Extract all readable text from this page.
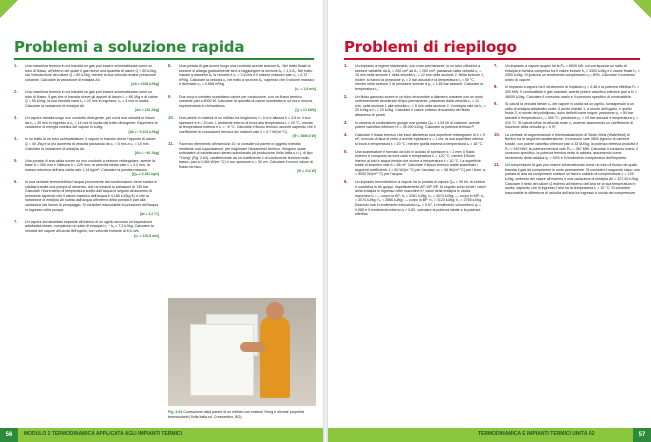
Problemi a soluzione rapida
1. Una macchina termica in cui transita un gas può essere schematizzata come un tubo di flusso, all’interno del quale il gas riceve una quantità di calore Q = 60 kJ/kg, sia l’introduzione del calore Q = 60 kJ/kg, mentre la sua velocità rimane pressoché costante. Calcolare la variazione di entalpia Δh.

[Δh = 1035 kJ/kg]
2. Una macchina termica in cui transita un gas può essere schematizzata come un tubo di flusso. Il gas che vi transita riceve gli apporti di lavoro L = 88 J/kg e di calore Q = 50 kJ/kg; la sua velocità varia c₁ = 22 m/s in ingresso, c₂ = 4 m/s in uscita. Calcolare la variazione di entalpia Δh.

[Δh = 132 J/kg]
3. Un vapore transita lungo uno condotto divergente, per cui la sua velocità si riduce da c₁ = 20 m/s in ingresso a c₂ = 14 m/s in uscita dal tratto divergente. Esprimere la variazione di energia cinetica del vapore in kJ/kg.

[Δk = −0,102 kJ/kg]
4. In un tratto di un tubo surriscaldatore, il vapore in transito riceve l’apporto di calore Q = 40 J/kg e la più aumenta di velocità passando da c₁ = 5 m/s a c₂ = 15 m/s. Calcolare la variazione di entalpia Δh.

[Δh = −40 J/kg]
5. Una portata di aria calda scorre un uno condotto a sezione rettangolare, avente la base b = 350 mm e l’altezza h = 220 mm; la velocità media vale c = 3,2 m/s, la massa volumica dell’aria calda vale 1,14 kg/m³. Calcolare la portata massica.

[Qₘ = 0,281 kg/s]
6. In una centrale termoelettrica l’acqua proveniente dal condensatore viene inviata in caldaia tramite una pompa di alimento, che ne innalza la pressione di 135 bar. Calcolare l’incremento di temperatura subito dall’acqua in seguito all’aumento di pressione sapendo che il calore massico dell’acqua è 4,186 kJ/(kg·K) e che la variazione di entalpia Δh subita dall’acqua all’interno della pompa è pari alla variazione del lavoro di pompaggio. Si consideri trascurabile la pressione dell’acqua in ingresso nella pompa.

[Δt = 3,2 °C]
7. Un vapore surriscaldato espande all’interno di un ugello secondo un’espansione adiabatica ideale, compiendo un salto di entalpia h₁ − h₂ = 7,3 kJ/kg. Calcolare la velocità del vapore all’uscita dell’ugello, con velocità entrante di 8,5 m/s.

[c₂ = 120,8 m/s]
8. Una portata di gas scorre lungo una condotta avente sezione A₁. Nel tratto finale la sezione si allarga gradualmente sino a raggiungere la sezione A₂ = 1,3 A₁. Nel tratto iniziale a diametro A₁ la velocità è c₁ = 2,6 m/s e il volume massico vale v₁ = 0,72 m³/kg. Calcolare la velocità c₂ nel tratto a sezione A₂, sapendo che il volume massico è diventato v₂ = 0,668 m³/kg.

[c₂ = 1,8 m/s]
9. Due corpi a contatto scambiano calore per conduzione, con un flusso termico costante pari a 8000 W. Calcolare la quantità di calore scambiata in un’ora e mezza, esprimendola in chilowattora.

[Q = 12 kWh]
10. Una parete in mattoni di un edificio ha lunghezza l = 9 m e altezza h = 3,5 m; il suo spessore è s = 20 cm. L’ambiente interno si trova alla temperatura tᵢ = 20 °C, mentre la temperatura esterna è tₑ = −6 °C. Calcolare il flusso termico uscente sapendo che il coefficiente di conduzione termica dei mattoni vale λ = 0,7 W/(m·°C).

[Φ = 2866,5 W]
11. Facendo riferimento all’esercizio 10, si consideri la parete in oggetto rivestita mediante una coppotazione, per migliorare l’isolamento termico. Vengono usate sottolastre di calcestruzzo aerato autoclavato (di produzione Xella Italia s.r.l.), di tipo “Ytong” (Fig. 2.64), caratterizzate da un coefficiente λ di conduzione termica molto basso, pari a 0,084 W/(m·°C) e con spessore s = 30 cm. Calcolare il nuovo valore di flusso termico.

[Φ = 212 W]
Fig. 2.64 Costruzione della parete di un edificio con mattoni Ytong e elevate proprietà termoisolanti (Xella Italia srl, Crescentino, BO).
56	MODULO 2 TERMODINAMICA APPLICATA AGLI IMPIANTI TERMICI
Problemi di riepilogo
1. Un impianto a regime stazionario, con moto permanente, in un tubo cilindrico a sezione variabile da A₁ = 200 cm² ad A₂ = 250 cm², passando dalla velocità c₁ = 15 m/s nella sezione 1 della velocità c₂ = 12 m/s nella sezione 2. Nella sezione 1, inoltre, si hanno la pressione p₁ = 2 bar assoluti e la temperatura t₁ = 50 °C, mentre nella sezione 2 la pressione scende a p₂ = 1,65 bar assoluti. Calcolare la temperatura t₂.

2. Un fluido gassoso scorre in un tubo orizzontale a diametro costante con un moto uniformemente decelerato di tipo permanente, passando dalla velocità c₁ = 12 m/s, nella sezione 1 alla velocità c₂ = 5 m/s nella sezione 2. L’entalpia vale da h₁ = 25 kJ/kg a h₂ = 20 kJ/kg. Calcolare il calore unitario di scambio del fluido attraverso le pareti.

3. In camera di combustione giunge una portata Qₘ = 1,05 t/h di carbone, avente potere calorifico inferiore Hᵢ = 26 000 kJ/kg. Calcolare la potenza termica P.

4. Calcolare il flusso termico che esce attraverso una superficie rettangolare di 4 × 5 m², ricevuto di lana di vetro a avente spessore s = 1 cm; la sua superficie interna si trova a temperatura tᵢ = 20 °C, mentre quella esterna a temperatura tₑ = 18 °C.

5. Una scambiatore è formato da tubi in acciaio di spessore s = 2 mm; il fluido esterno è composto da fumi caldi a temperatura tₑ = 120 °C, mentre il fluido interno ai tubi è acqua fredda che scorre a temperatura tᵢ = 10 °C. La superficie totale di scambio vale A = 86 m². Calcolare il flusso termico totale scambiato i seguenti coefficienti: λ = 60 W/(m·°C) per l’acciaio; αₑ = 38 W/(m²·°C) per i fumi; αᵢ = 5000 W/(m²·°C) per l’acqua.

6. Un impianto termoelettrico a vapore ha la portata di vapore Qₘ = 90 t/h; la turbina è suddivisa in tre gruppi, rispettivamente AP, MP, BP. Di seguito sono forniti i valori della entalpia in ingresso nelle macchine e i valori della entalpia in uscita macchina hᵤ: — corpo in AP: h₁ = 3261 kJ/kg; h₂ = 3074 kJ/kg; — corpo in MP: h₁ = 3074 kJ/kg; h₂ = 2866 kJ/kg; — corpo in BP: h₁ = 3123 kJ/kg; h₂ = 2765 kJ/kg. Essendo noti il rendimento meccanico ηₘ = 0,97, il rendimento volumetrico ηᵥ = 0,985 e il rendimento interno ηᵢ = 0,82, calcolare la potenza ideale e la potenza effettiva.

7. Un impianto a vapore acquei ha la Pₑₗ = 8000 kW, cui corrisponde un salto di entalpia in turbina compreso fra il valore iniziale h₁ = 3300 kJ/kg e il valore finale h₂ = 2500 kJ/kg. Si ipotizza un rendimento complessivo η = 80%. Calcolare il consumo orario di vapore.

8. In impianto a vapore ha il rendimento di impianto ηᵢ = 0,48 e la potenza effettiva Pₑ = 300 MW. Il combustibile è gas naturale, avente potere calorifico inferiore pari a Hᵢ = 46000 kJ/kg. Calcolare il consumo orario e il consumo specifico di combustibile.

9. Si calcoli la velocità ideale c₁ᵢ del vapore in uscita da un ugello, consapevole a un salto di entalpia adiabatico reale. Il punto iniziale 1, a monte dell’ugello, e quello finale 2, a monte del polistiposo, sono definiti come segue: pressione p₁ = 50 bar assoluti e temperatura t₁ = 500 °C; pressione p₂ = 24 bar assoluti e temperatura t₂ = 410 °C. Si calcoli infine la velocità reale c₂ uscente assumendo un coefficiente di riduzione della velocità φ = 0,97.

10. La centrale di cogenerazione e teleriscaldamento di Sesto West (Waterfield) di Berlino ha le seguenti caratteristiche: il consumo vale 3500 t/giorno di carbone fossile, con potere calorifico inferiore pari a 33 MJ/kg; la potenza elettrica prodotta è Pₑₗ = 249 MW; la potenza termica vale Pₜₕ = 367 MW. Calcolare il consumo orario, il consumo specifico, la potenza termica netta in caldaia, assumendo come rendimento della caldaia ηₖ = 93% e il rendimento complessivo dell’impianto.

11. Un compressore di gas può essere schematizzato come un tubo di flusso nel quale transita il gas da comprimere in moto permanente. Si consideri il seguente caso: una portata di aria da comprimere subisce un’lavoro unitario di compressione L = 125 kJ/kg, cedendo del calore all’esterno e una variazione di entalpia Δh = 107,52 kJ/kg. Calcolare il netto del calore Q esterno all’esterno dell’aria se la sua temperatura in uscita, sapendo che in ingresso l’aria ha la temperatura t₁ = 15 °C. Si consideri trascurabile la differenza di velocità dell’aria tra ingresso e uscita del compressore.

TERMODINAMICA E IMPIANTI TERMICI UNITÀ 02	57
